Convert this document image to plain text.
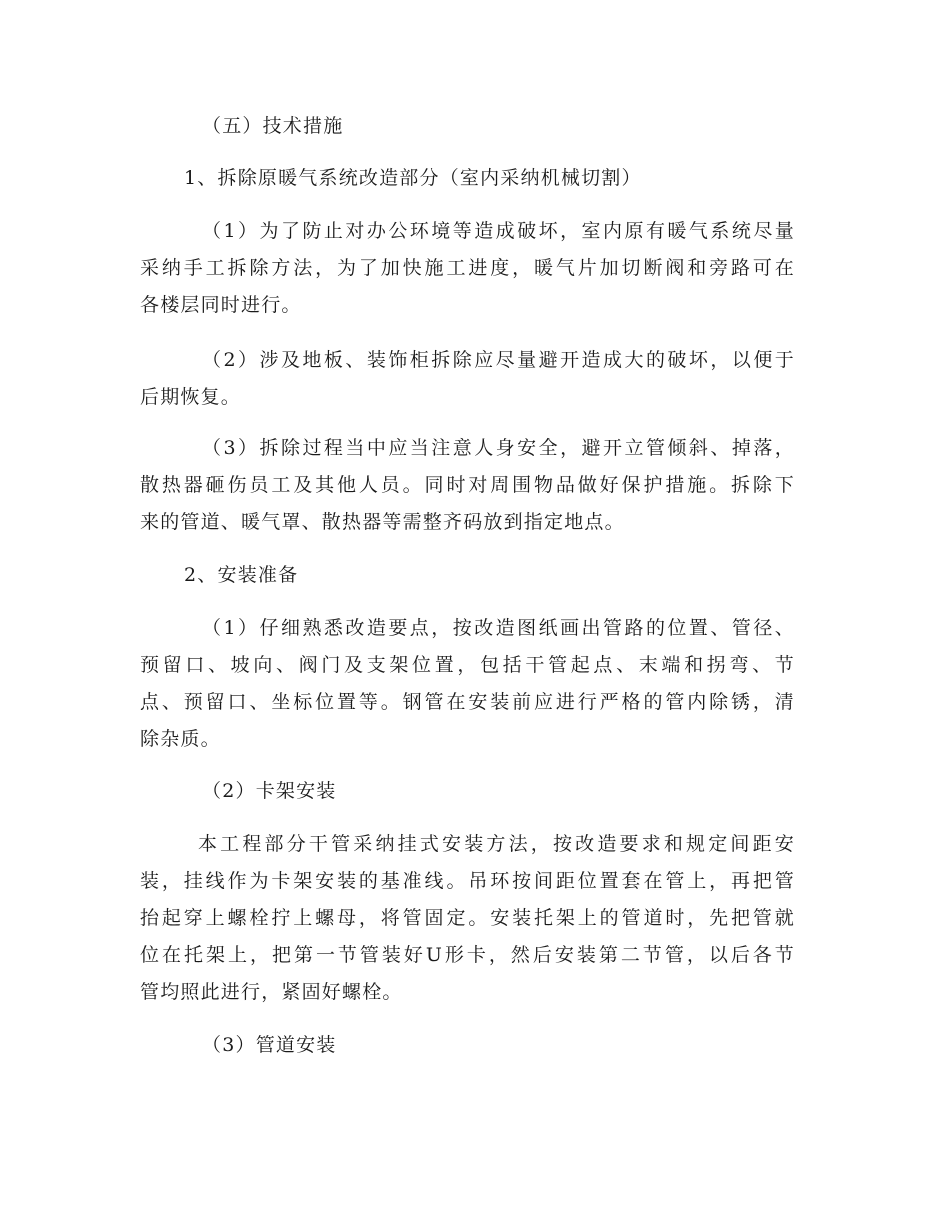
（五）技术措施

1、拆除原暖气系统改造部分（室内采纳机械切割）

（1）为了防止对办公环境等造成破坏，室内原有暖气系统尽量
采纳手工拆除方法，为了加快施工进度，暖气片加切断阀和旁路可在
各楼层同时进行。
（2）涉及地板、装饰柜拆除应尽量避开造成大的破坏，以便于
后期恢复。
（3）拆除过程当中应当注意人身安全，避开立管倾斜、掉落，
散热器砸伤员工及其他人员。同时对周围物品做好保护措施。拆除下
来的管道、暖气罩、散热器等需整齐码放到指定地点。

2、安装准备

（1）仔细熟悉改造要点，按改造图纸画出管路的位置、管径、
预留口、坡向、阀门及支架位置，包括干管起点、末端和拐弯、节
点、预留口、坐标位置等。钢管在安装前应进行严格的管内除锈，清
除杂质。

（2）卡架安装

本工程部分干管采纳挂式安装方法，按改造要求和规定间距安
装，挂线作为卡架安装的基准线。吊环按间距位置套在管上，再把管
抬起穿上螺栓拧上螺母，将管固定。安装托架上的管道时，先把管就
位在托架上，把第一节管装好U形卡，然后安装第二节管，以后各节
管均照此进行，紧固好螺栓。

（3）管道安装
